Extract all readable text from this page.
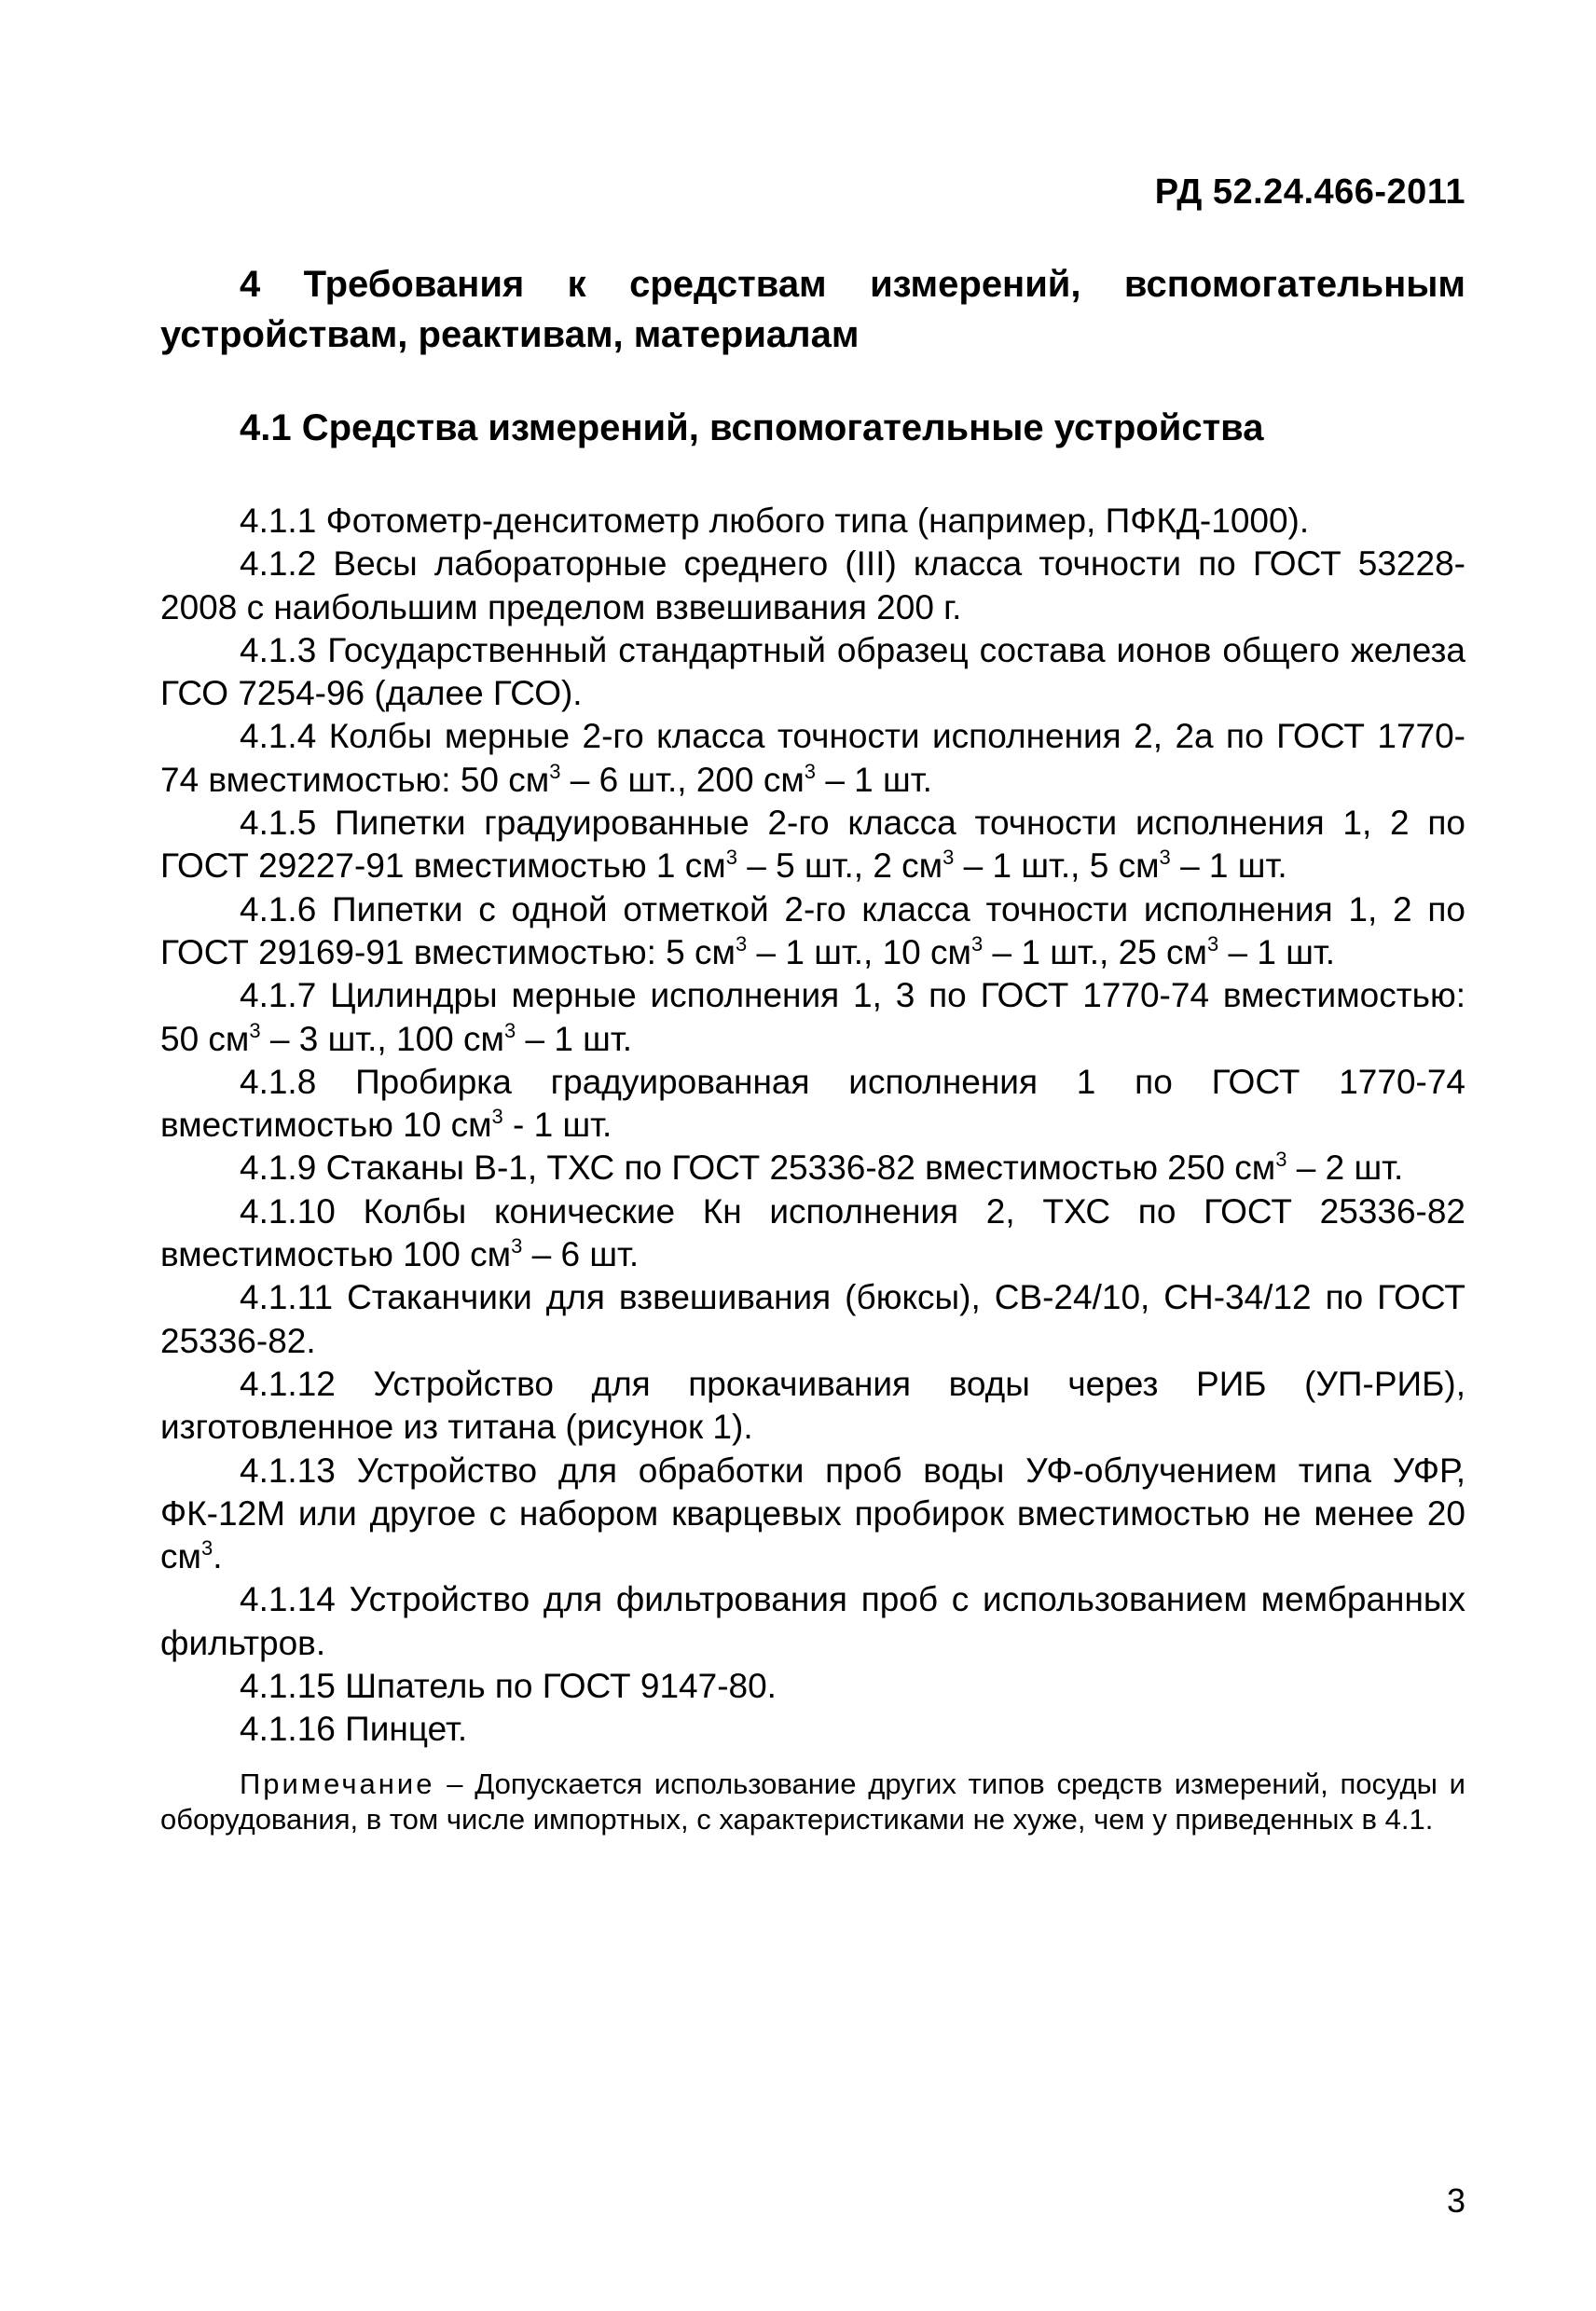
РД 52.24.466-2011

4 Требования к средствам измерений, вспомогательным устройствам, реактивам, материалам

4.1 Средства измерений, вспомогательные устройства

4.1.1 Фотометр-денситометр любого типа (например, ПФКД-1000).

4.1.2 Весы лабораторные среднего (III) класса точности по ГОСТ 53228-2008 с наибольшим пределом взвешивания 200 г.

4.1.3 Государственный стандартный образец состава ионов общего железа ГСО 7254-96 (далее ГСО).

4.1.4 Колбы мерные 2-го класса точности исполнения 2, 2а по ГОСТ 1770-74 вместимостью: 50 $см^3 - 6$ шт., 200 $см^3 - 1$ шт.

4.1.5 Пипетки градуированные 2-го класса точности исполнения 1, 2 по ГОСТ 29227-91 вместимостью 1 $см^3 - 5$ шт., 2 $см^3 - 1$ шт., 5 $см^3 - 1$ шт.

4.1.6 Пипетки с одной отметкой 2-го класса точности исполнения 1, 2 по ГОСТ 29169-91 вместимостью: 5 $см^3 - 1$ шт., 10 $см^3 - 1$ шт., 25 $см^3 - 1$ шт.

4.1.7 Цилиндры мерные исполнения 1, 3 по ГОСТ 1770-74 вместимостью: 50 $см^3 - 3$ шт., 100 $см^3 - 1$ шт.

4.1.8 Пробирка градуированная исполнения 1 по ГОСТ 1770-74 вместимостью 10 $см^3 - 1$ шт.

4.1.9 Стаканы В-1, ТХС по ГОСТ 25336-82 вместимостью 250 $см^3 - 2$ шт.

4.1.10 Колбы конические Кн исполнения 2, ТХС по ГОСТ 25336-82 вместимостью 100 $см^3 - 6$ шт.

4.1.11 Стаканчики для взвешивания (бюксы), СВ-24/10, СН-34/12 по ГОСТ 25336-82.

4.1.12 Устройство для прокачивания воды через РИБ (УП-РИБ), изготовленное из титана (рисунок 1).

4.1.13 Устройство для обработки проб воды УФ-облучением типа УФР, ФК-12М или другое с набором кварцевых пробирок вместимостью не менее 20 $см^3$.

4.1.14 Устройство для фильтрования проб с использованием мембранных фильтров.

4.1.15 Шпатель по ГОСТ 9147-80.

4.1.16 Пинцет.

Примечание – Допускается использование других типов средств измерений, посуды и оборудования, в том числе импортных, с характеристиками не хуже, чем у приведенных в 4.1.
3
